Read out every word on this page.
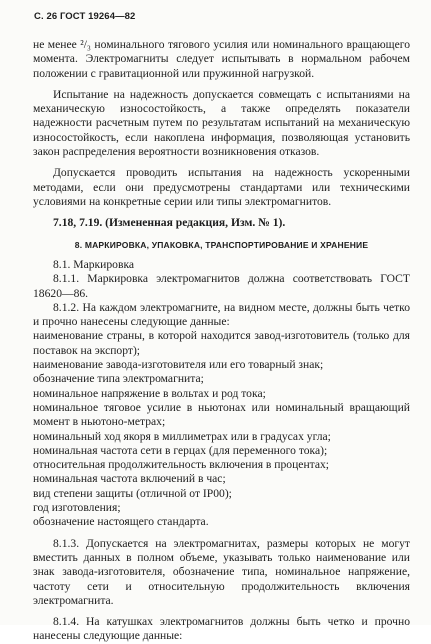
С. 26 ГОСТ 19264—82

не менее ²/₃ номинального тягового усилия или номинального вращающего момента. Электромагниты следует испытывать в нормальном рабочем положении с гравитационной или пружинной нагрузкой.

Испытание на надежность допускается совмещать с испытаниями на механическую износостойкость, а также определять показатели надежности расчетным путем по результатам испытаний на механическую износостойкость, если накоплена информация, позволяющая установить закон распределения вероятности возникновения отказов.

Допускается проводить испытания на надежность ускоренными методами, если они предусмотрены стандартами или техническими условиями на конкретные серии или типы электромагнитов.

7.18, 7.19. (Измененная редакция, Изм. № 1).

8. МАРКИРОВКА, УПАКОВКА, ТРАНСПОРТИРОВАНИЕ И ХРАНЕНИЕ

8.1. Маркировка

8.1.1. Маркировка электромагнитов должна соответствовать ГОСТ 18620—86.

8.1.2. На каждом электромагните, на видном месте, должны быть четко и прочно нанесены следующие данные:

наименование страны, в которой находится завод-изготовитель (только для поставок на экспорт);

наименование завода-изготовителя или его товарный знак;

обозначение типа электромагнита;

номинальное напряжение в вольтах и род тока;

номинальное тяговое усилие в ньютонах или номинальный вращающий момент в ньютоно-метрах;

номинальный ход якоря в миллиметрах или в градусах угла;

номинальная частота сети в герцах (для переменного тока);

относительная продолжительность включения в процентах;

номинальная частота включений в час;

вид степени защиты (отличной от IP00);

год изготовления;

обозначение настоящего стандарта.

8.1.3. Допускается на электромагнитах, размеры которых не могут вместить данных в полном объеме, указывать только наименование или знак завода-изготовителя, обозначение типа, номинальное напряжение, частоту сети и относительную продолжительность включения электромагнита.

8.1.4. На катушках электромагнитов должны быть четко и прочно нанесены следующие данные:
